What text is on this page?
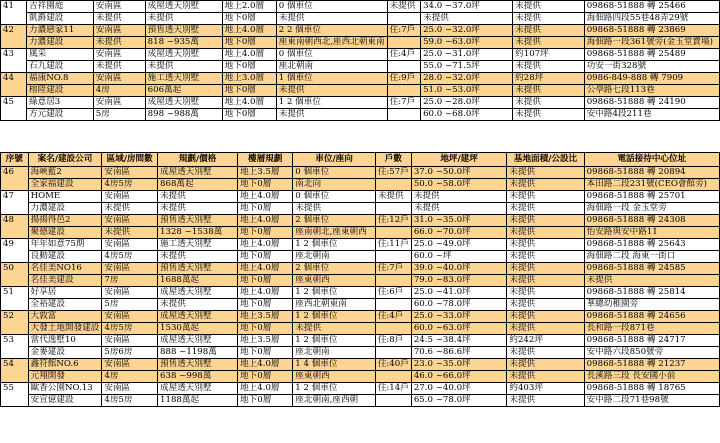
41	吉祥園庭	安南區	成屋透天別墅	地上2.0層	0 個車位	未提供	34.0 ~37.0坪	未提供	09868-51888 轉 25466
	凱爵建設	未提供	未提供	地下0層	未提供		未提供	未提供	海佃路四段55巷48弄29號
42	力濃戀家11	安南區	預售透天別墅	地上4.0層	2 2 個車位	住:7戶	25.0 ~32.0坪	未提供	09868-51888 轉 23869
	力濃建設	未提供	818 ~935萬	地下0層	座東南朝西北,座西北朝東南		59.0 ~63.0坪	未提供	海佃路一段361號旁(金玉堂賣場)
43	風采	安南區	成屋透天別墅	地上4.0層	0 個車位	住:4戶	25.0 ~31.0坪	約107坪	09868-51888 轉 25489
	石九建設	未提供	未提供	地下0層	座北朝南		55.0 ~71.5坪	未提供	功安一街328號
44	福康NO.8	安南區	施工透天別墅	地上3.0層	1 個車位	住:9戶	28.0 ~32.0坪	約28坪	0986-849-888 轉 7909
	榕陞建設	4房	606萬起	地下0層	未提供		51.0 ~53.0坪	未提供	公學路七段113巷
45	綠意居3	安南區	成屋透天別墅	地上4.0層	1 2 個車位	住:7戶	25.0 ~28.0坪	未提供	09868-51888 轉 24190
	方元建設	5房	898 ~988萬	地下0層	未提供		60.0 ~68.0坪	未提供	安中路4段211巷
序號	案名/建設公司	區域/房間數	規劃/價格	樓層規劃	車位/座向	戶數	地坪/建坪	基地面積/公設比	電話接待中心位址
46	海峽藍2	安南區	成屋透天別墅	地上3.5層	0 個車位	住:57戶	37.0 ~50.0坪	未提供	09868-51888 轉 20894
	全家福建設	4房5房	868萬起	地下0層	南北向		50.0 ~58.0坪	未提供	本田路二段231號(CEO會館旁)
47	HOME	安南區	未提供	地上4.0層	0 個車位	未提供	未提供	未提供	09868-51888 轉 25701
	力濃建設	未提供	未提供	地下0層	未提供		未提供	未提供	海佃路一段 金玉堂旁
48	揚揚得邑2	安南區	預售透天別墅	地上4.0層	2 個車位	住:12戶	31.0 ~35.0坪	未提供	09868-51888 轉 24308
	聚德建設	未提供	1328 ~1538萬	地下0層	座南朝北,座東朝西		66.0 ~70.0坪	未提供	怡安路與安中路11
49	年年如意75期	安南區	施工透天別墅	地上4.0層	1 2 個車位	住:11戶	25.0 ~49.0坪	未提供	09868-51888 轉 25643
	良動建設	4房5房	未提供	地下0層	座北朝南		60.0 ~坪	未提供	海佃路二段 海東一街口
50	名佳美NO16	安南區	預售透天別墅	地上4.0層	2 個車位	住:7戶	39.0 ~40.0坪	未提供	09868-51888 轉 24585
	名佳美建設	7房	1688萬起	地下0層	座東朝西		79.0 ~83.0坪	未提供	未提供
51	好享居	安南區	成屋透天別墅	地上4.0層	1 2 個車位	住:6戶	25.0 ~41.0坪	未提供	09868-51888 轉 25814
	全裕建設	5房	未提供	地下0層	座西北朝東南		60.0 ~78.0坪	未提供	華總幼稚園旁
52	大敦富	安南區	成屋透天別墅	地上3.5層	1 2 個車位	住:4戶	25.0 ~33.0坪	未提供	09868-51888 轉 24656
	大發土地開發建設	4房5房	1530萬起	地下0層	未提供		60.0 ~63.0坪	未提供	長和路一段871巷
53	當代逸墅10	安南區	成屋透天別墅	地上3.5層	1 2 個車位	住:8戶	24.5 ~38.4坪	約242坪	09868-51888 轉 24717
	金麥建設	5房6房	888 ~1198萬	地下0層	座北朝南		70.6 ~86.6坪	未提供	安中路六段850號旁
54	鑫符館NO.6	安南區	預售透天別墅	地上4.0層	1 4 個車位	住:40戶	23.0 ~35.0坪	未提供	09868-51888 轉 21237
	元翔開發	4房	638 ~998萬	地下0層	座東朝西		46.0 ~66.0坪	未提供	長溪路三段 長安國小前
55	歐香公園NO.13	安南區	成屋透天別墅	地上4.0層	1 2 個車位	住:14戶	27.0 ~40.0坪	約403坪	09868-51888 轉 18765
	安宣億建設	4房5房	1188萬起	地下0層	座北朝南,座西朝		65.0 ~78.0坪	未提供	安中路二段71巷98號
